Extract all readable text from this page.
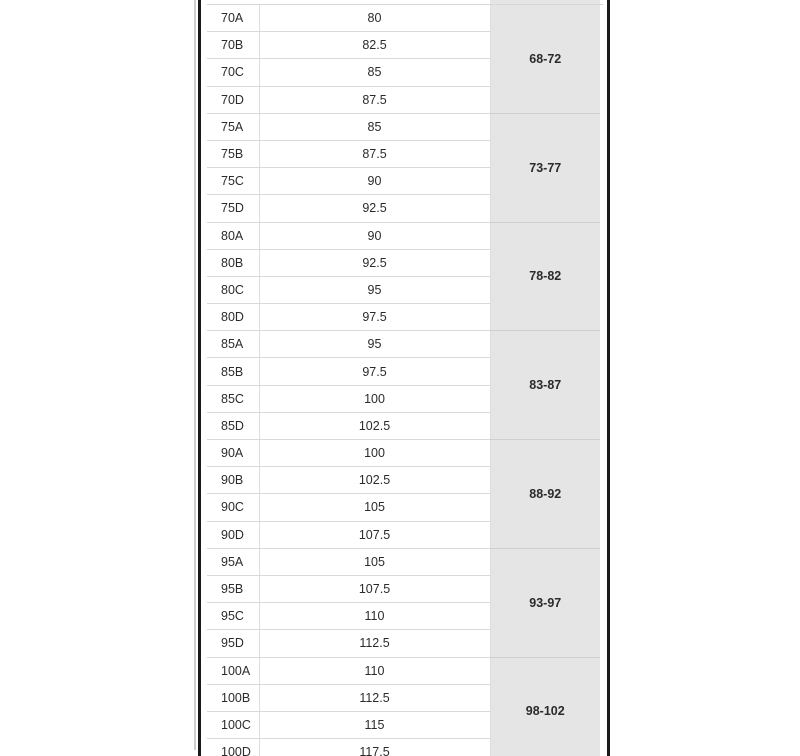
70A	80	68-72
70B	82.5	
70C	85	
70D	87.5	
75A	85	73-77
75B	87.5	
75C	90	
75D	92.5	
80A	90	78-82
80B	92.5	
80C	95	
80D	97.5	
85A	95	83-87
85B	97.5	
85C	100	
85D	102.5	
90A	100	88-92
90B	102.5	
90C	105	
90D	107.5	
95A	105	93-97
95B	107.5	
95C	110	
95D	112.5	
100A	110	98-102
100B	112.5	
100C	115	
100D	117.5	
